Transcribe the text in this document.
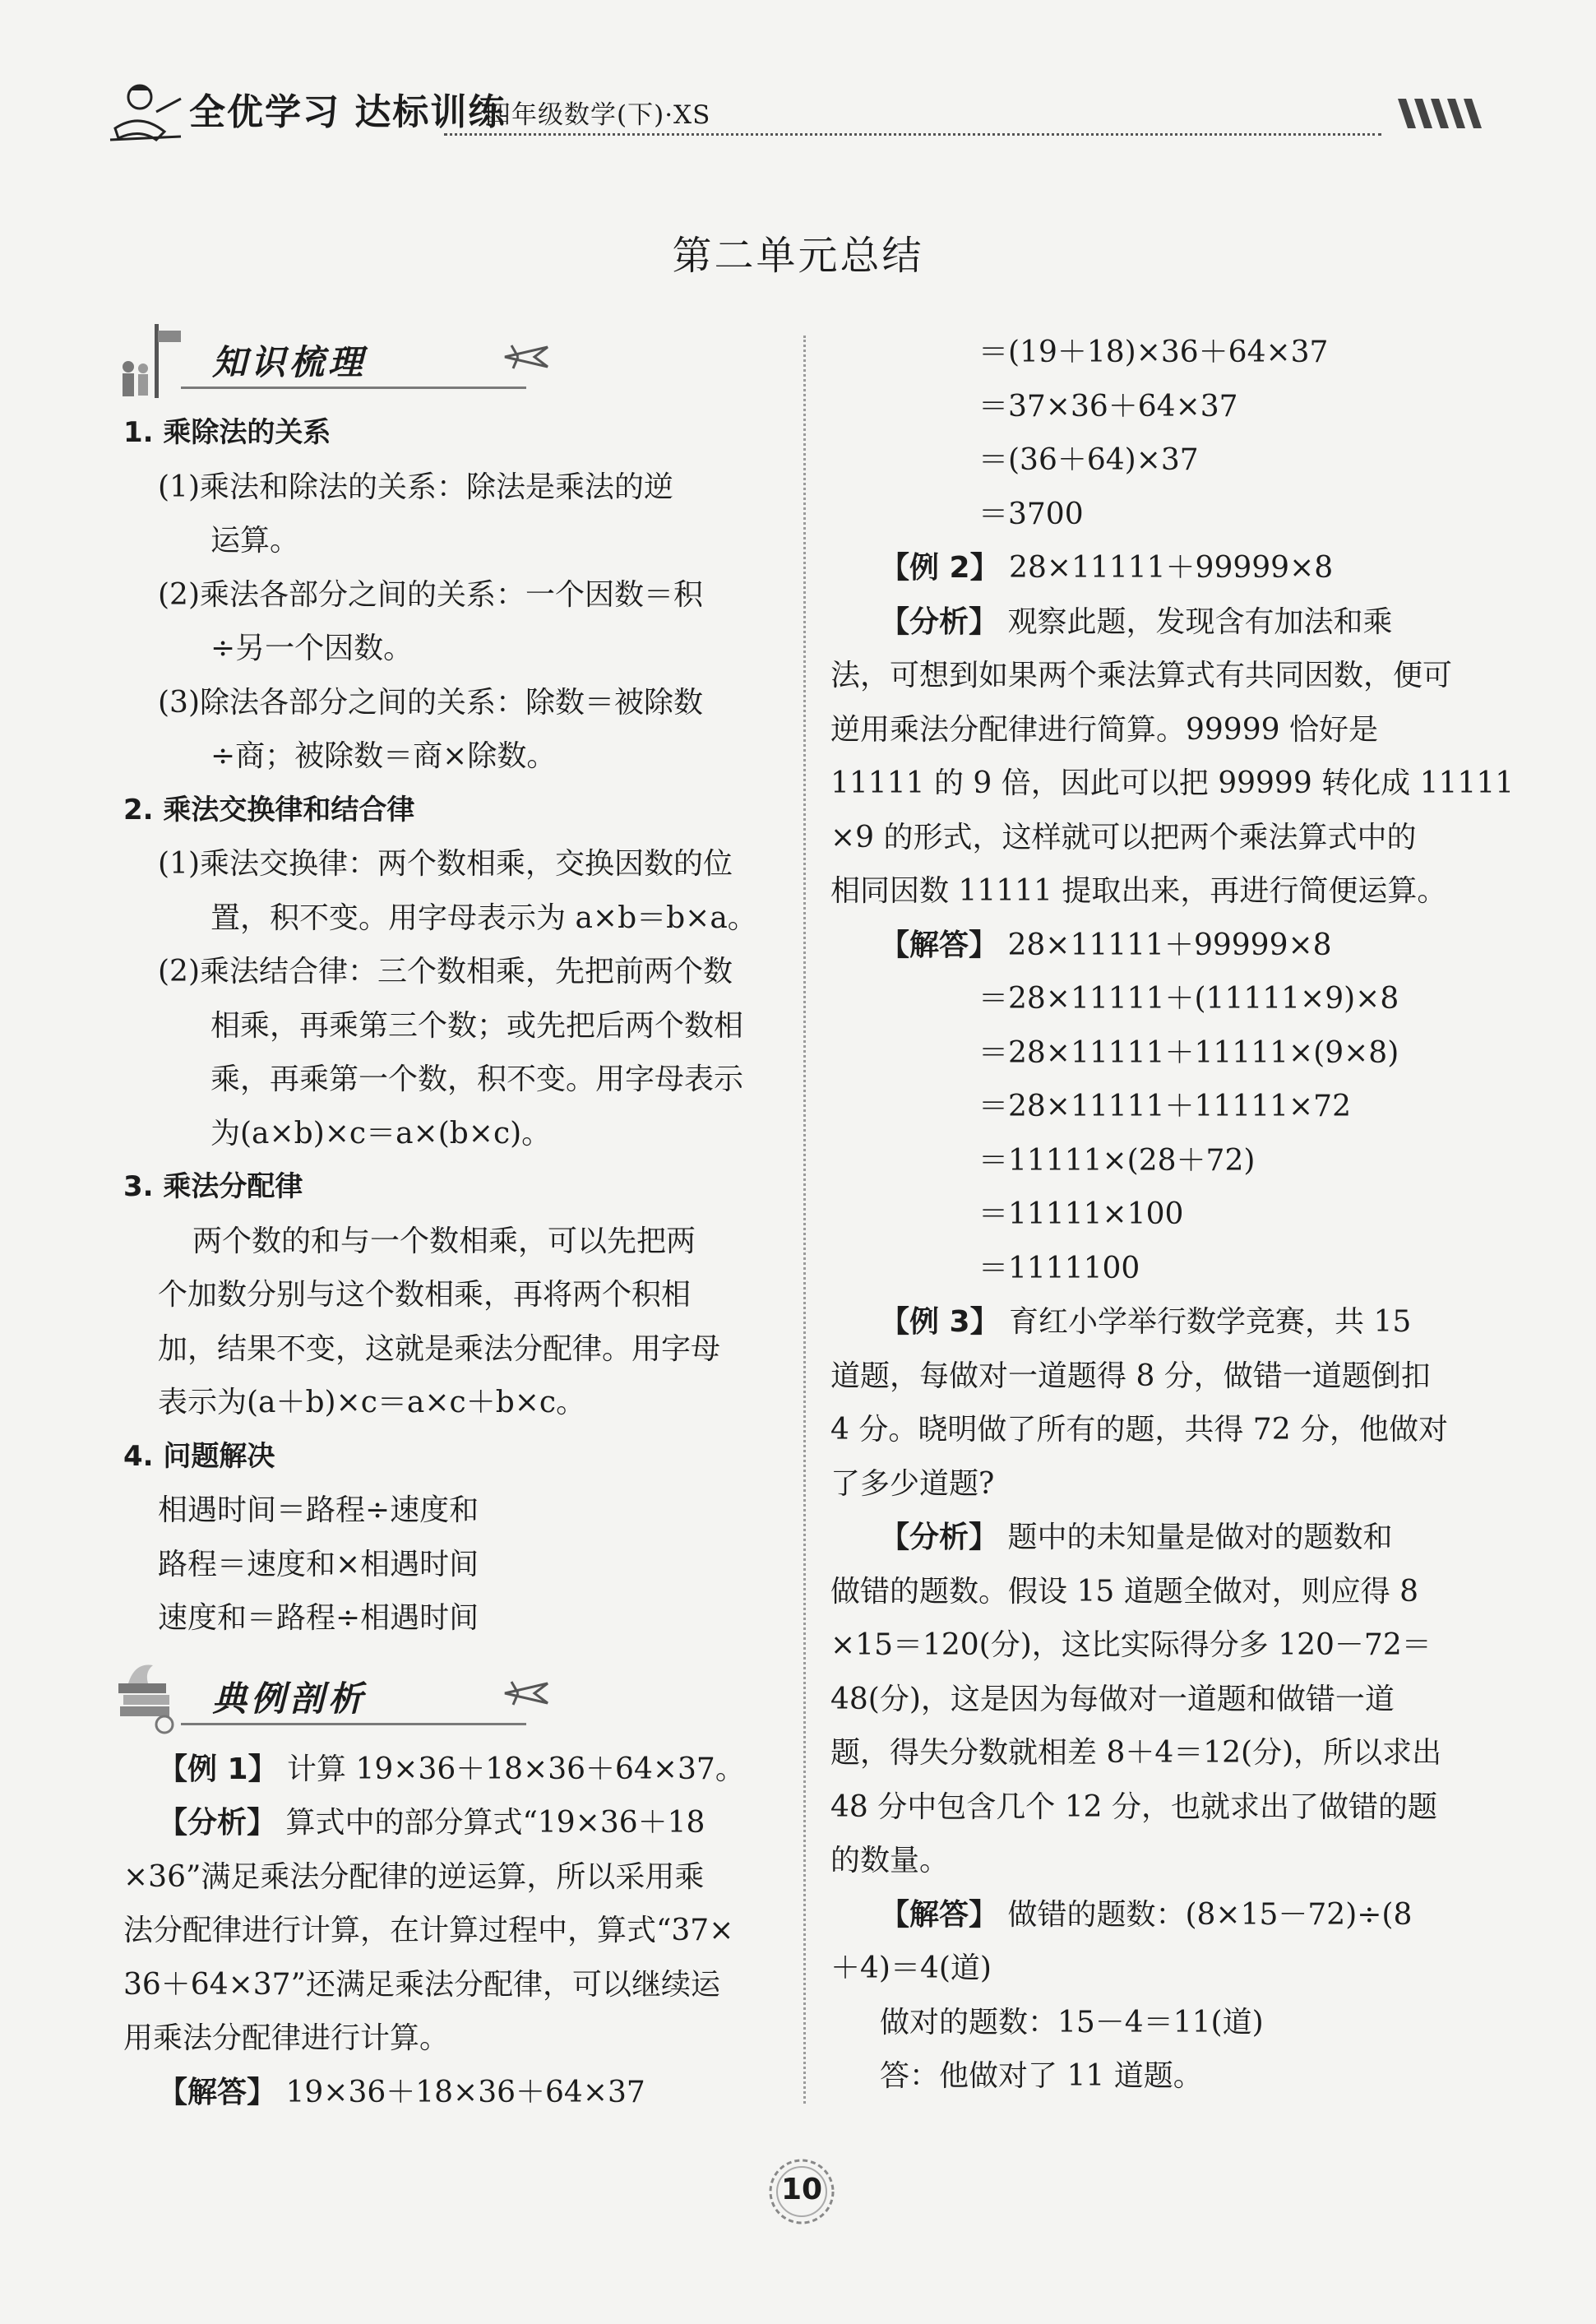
全优学习 达标训练
四年级数学(下)·XS
第二单元总结
知识梳理
1. 乘除法的关系
(1)乘法和除法的关系：除法是乘法的逆
运算。
(2)乘法各部分之间的关系：一个因数＝积
÷另一个因数。
(3)除法各部分之间的关系：除数＝被除数
÷商；被除数＝商×除数。
2. 乘法交换律和结合律
(1)乘法交换律：两个数相乘，交换因数的位
置，积不变。用字母表示为 a×b＝b×a。
(2)乘法结合律：三个数相乘，先把前两个数
相乘，再乘第三个数；或先把后两个数相
乘，再乘第一个数，积不变。用字母表示
为(a×b)×c＝a×(b×c)。
3. 乘法分配律
两个数的和与一个数相乘，可以先把两
个加数分别与这个数相乘，再将两个积相
加，结果不变，这就是乘法分配律。用字母
表示为(a＋b)×c＝a×c＋b×c。
4. 问题解决
相遇时间＝路程÷速度和
路程＝速度和×相遇时间
速度和＝路程÷相遇时间
典例剖析
【例 1】 计算 19×36＋18×36＋64×37。
【分析】 算式中的部分算式“19×36＋18
×36”满足乘法分配律的逆运算，所以采用乘
法分配律进行计算，在计算过程中，算式“37×
36＋64×37”还满足乘法分配律，可以继续运
用乘法分配律进行计算。
【解答】 19×36＋18×36＋64×37
＝(19＋18)×36＋64×37
＝37×36＋64×37
＝(36＋64)×37
＝3700
【例 2】 28×11111＋99999×8
【分析】 观察此题，发现含有加法和乘
法，可想到如果两个乘法算式有共同因数，便可
逆用乘法分配律进行简算。99999 恰好是
11111 的 9 倍，因此可以把 99999 转化成 11111
×9 的形式，这样就可以把两个乘法算式中的
相同因数 11111 提取出来，再进行简便运算。
【解答】 28×11111＋99999×8
＝28×11111＋(11111×9)×8
＝28×11111＋11111×(9×8)
＝28×11111＋11111×72
＝11111×(28＋72)
＝11111×100
＝1111100
【例 3】 育红小学举行数学竞赛，共 15
道题，每做对一道题得 8 分，做错一道题倒扣
4 分。晓明做了所有的题，共得 72 分，他做对
了多少道题?
【分析】 题中的未知量是做对的题数和
做错的题数。假设 15 道题全做对，则应得 8
×15＝120(分)，这比实际得分多 120－72＝
48(分)，这是因为每做对一道题和做错一道
题，得失分数就相差 8＋4＝12(分)，所以求出
48 分中包含几个 12 分，也就求出了做错的题
的数量。
【解答】 做错的题数：(8×15－72)÷(8
＋4)＝4(道)
做对的题数：15－4＝11(道)
答：他做对了 11 道题。
10
